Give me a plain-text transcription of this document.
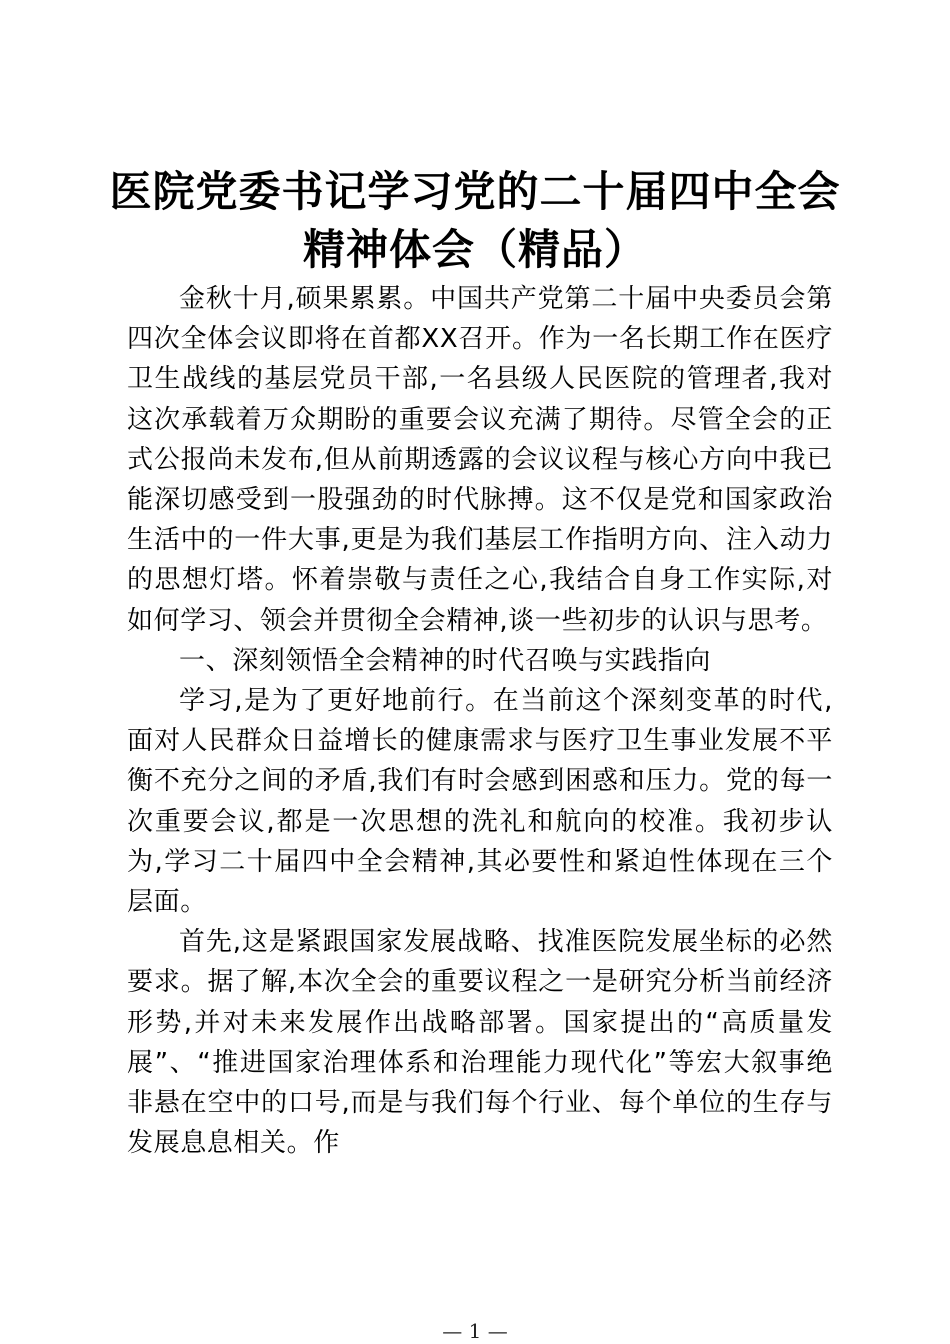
医院党委书记学习党的二十届四中全会
精神体会（精品）

金秋十月,硕果累累。中国共产党第二十届中央委员会第四次全体会议即将在首都XX召开。作为一名长期工作在医疗卫生战线的基层党员干部,一名县级人民医院的管理者,我对这次承载着万众期盼的重要会议充满了期待。尽管全会的正式公报尚未发布,但从前期透露的会议议程与核心方向中我已能深切感受到一股强劲的时代脉搏。这不仅是党和国家政治生活中的一件大事,更是为我们基层工作指明方向、注入动力的思想灯塔。怀着崇敬与责任之心,我结合自身工作实际,对如何学习、领会并贯彻全会精神,谈一些初步的认识与思考。

一、深刻领悟全会精神的时代召唤与实践指向

学习,是为了更好地前行。在当前这个深刻变革的时代,面对人民群众日益增长的健康需求与医疗卫生事业发展不平衡不充分之间的矛盾,我们有时会感到困惑和压力。党的每一次重要会议,都是一次思想的洗礼和航向的校准。我初步认为,学习二十届四中全会精神,其必要性和紧迫性体现在三个层面。

首先,这是紧跟国家发展战略、找准医院发展坐标的必然要求。据了解,本次全会的重要议程之一是研究分析当前经济形势,并对未来发展作出战略部署。国家提出的“高质量发展”、“推进国家治理体系和治理能力现代化”等宏大叙事绝非悬在空中的口号,而是与我们每个行业、每个单位的生存与发展息息相关。作

— 1 —
